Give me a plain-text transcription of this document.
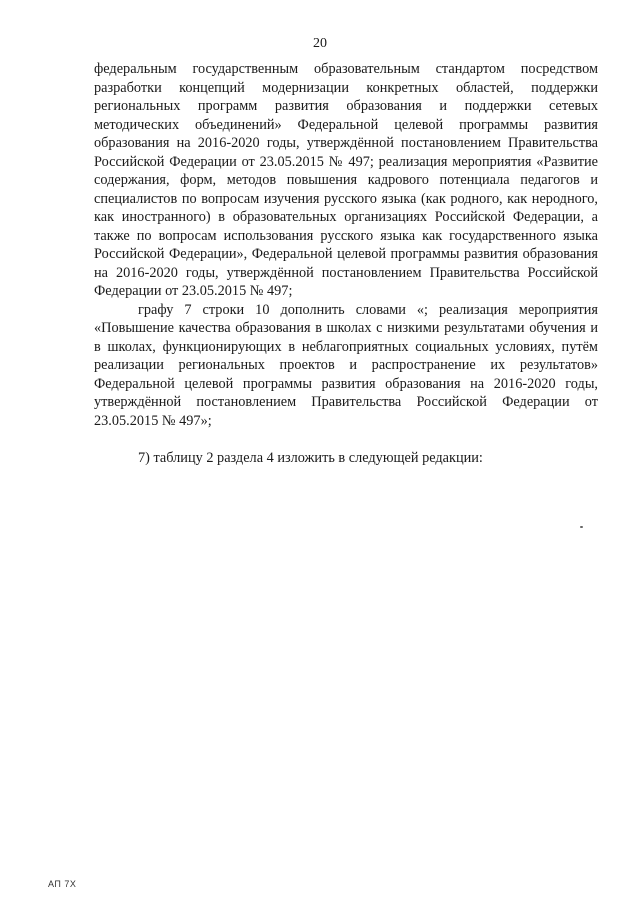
20

федеральным государственным образовательным стандартом посредством разработки концепций модернизации конкретных областей, поддержки региональных программ развития образования и поддержки сетевых методических объединений» Федеральной целевой программы развития образования на 2016-2020 годы, утверждённой постановлением Правительства Российской Федерации от 23.05.2015 № 497; реализация мероприятия «Развитие содержания, форм, методов повышения кадрового потенциала педагогов и специалистов по вопросам изучения русского языка (как родного, как неродного, как иностранного) в образовательных организациях Российской Федерации, а также по вопросам использования русского языка как государственного языка Российской Федерации», Федеральной целевой программы развития образования на 2016-2020 годы, утверждённой постановлением Правительства Российской Федерации от 23.05.2015 № 497;

графу 7 строки 10 дополнить словами «; реализация мероприятия «Повышение качества образования в школах с низкими результатами обучения и в школах, функционирующих в неблагоприятных социальных условиях, путём реализации региональных проектов и распространение их результатов» Федеральной целевой программы развития образования на 2016-2020 годы, утверждённой постановлением Правительства Российской Федерации от 23.05.2015 № 497»;

7) таблицу 2 раздела 4 изложить в следующей редакции:

АП 7Х
